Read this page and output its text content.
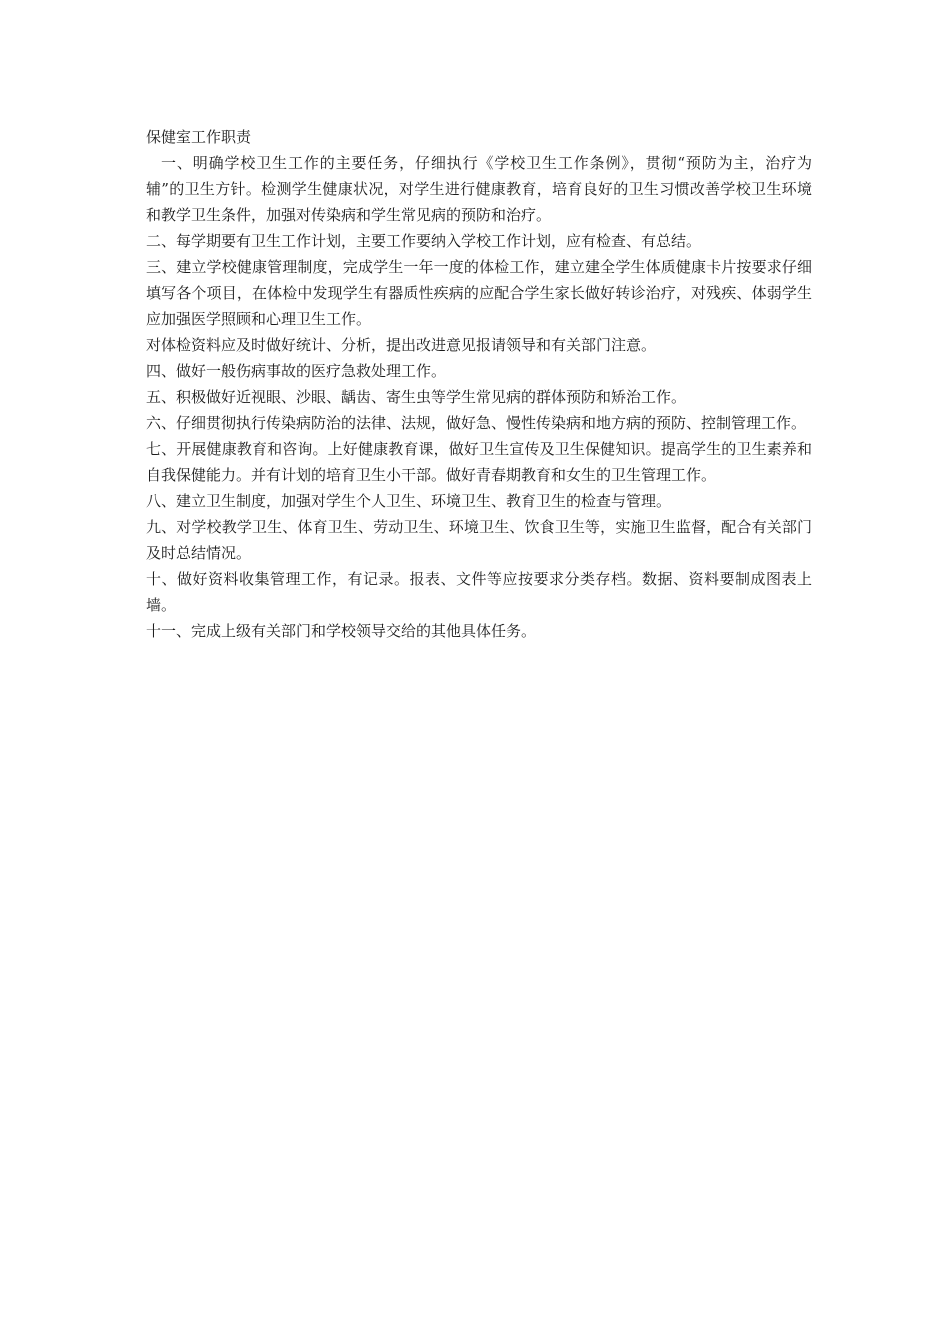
保健室工作职责

一、明确学校卫生工作的主要任务，仔细执行《学校卫生工作条例》，贯彻“预防为主，治疗为辅”的卫生方针。检测学生健康状况，对学生进行健康教育，培育良好的卫生习惯改善学校卫生环境和教学卫生条件，加强对传染病和学生常见病的预防和治疗。

二、每学期要有卫生工作计划，主要工作要纳入学校工作计划，应有检查、有总结。

三、建立学校健康管理制度，完成学生一年一度的体检工作，建立建全学生体质健康卡片按要求仔细填写各个项目，在体检中发现学生有器质性疾病的应配合学生家长做好转诊治疗，对残疾、体弱学生应加强医学照顾和心理卫生工作。

对体检资料应及时做好统计、分析，提出改进意见报请领导和有关部门注意。

四、做好一般伤病事故的医疗急救处理工作。

五、积极做好近视眼、沙眼、龋齿、寄生虫等学生常见病的群体预防和矫治工作。

六、仔细贯彻执行传染病防治的法律、法规，做好急、慢性传染病和地方病的预防、控制管理工作。

七、开展健康教育和咨询。上好健康教育课，做好卫生宣传及卫生保健知识。提高学生的卫生素养和自我保健能力。并有计划的培育卫生小干部。做好青春期教育和女生的卫生管理工作。

八、建立卫生制度，加强对学生个人卫生、环境卫生、教育卫生的检查与管理。

九、对学校教学卫生、体育卫生、劳动卫生、环境卫生、饮食卫生等，实施卫生监督，配合有关部门及时总结情况。

十、做好资料收集管理工作，有记录。报表、文件等应按要求分类存档。数据、资料要制成图表上墙。

十一、完成上级有关部门和学校领导交给的其他具体任务。
